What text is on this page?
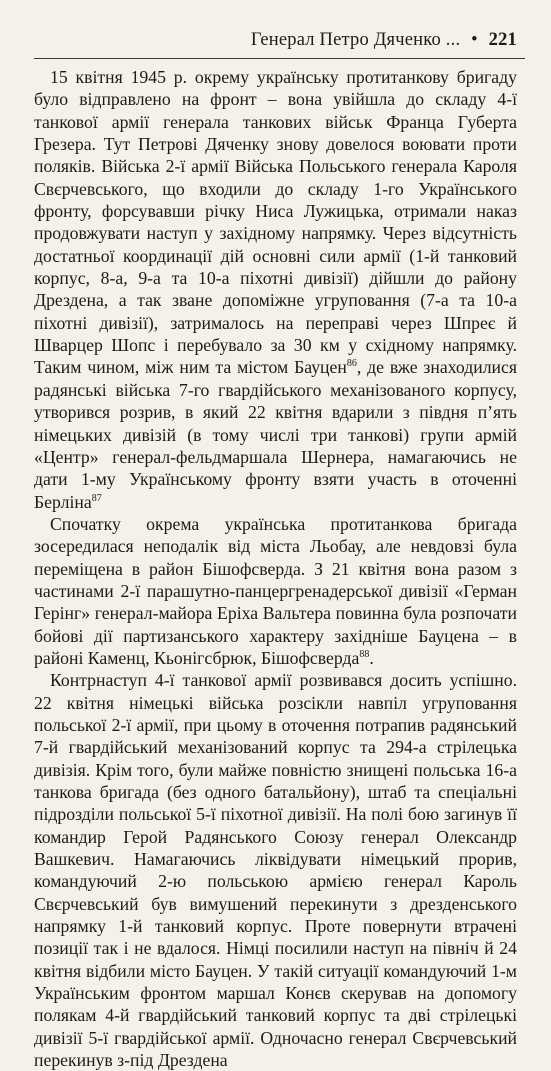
Генерал Петро Дяченко ... • 221

15 квітня 1945 р. окрему українську протитанкову бригаду було відправлено на фронт – вона увійшла до складу 4-ї танкової армії генерала танкових військ Франца Губерта Грезера. Тут Петрові Дяченку знову довелося воювати проти поляків. Війська 2-ї армії Війська Польського генерала Кароля Свєрчевського, що входили до складу 1-го Українського фронту, форсувавши річку Ниса Лужицька, отримали наказ продовжувати наступ у західному напрямку. Через відсутність достатньої координації дій основні сили армії (1-й танковий корпус, 8-а, 9-а та 10-а піхотні дивізії) дійшли до району Дрездена, а так зване допоміжне угруповання (7-а та 10-а піхотні дивізії), затрималось на переправі через Шпреє й Шварцер Шопс і перебувало за 30 км у східному напрямку. Таким чином, між ним та містом Бауцен$^{86}$, де вже знаходилися радянські війська 7-го гвардійського механізованого корпусу, утворився розрив, в який 22 квітня вдарили з півдня п’ять німецьких дивізій (в тому числі три танкові) групи армій «Центр» генерал-фельдмаршала Шернера, намагаючись не дати 1-му Українському фронту взяти участь в оточенні Берліна$^{87}$

Спочатку окрема українська протитанкова бригада зосередилася неподалік від міста Льобау, але невдовзі була переміщена в район Бішофсверда. З 21 квітня вона разом з частинами 2-ї парашутно-панцергренадерської дивізії «Герман Герінг» генерал-майора Еріха Вальтера повинна була розпочати бойові дії партизанського характеру західніше Бауцена – в районі Каменц, Кьонігсбрюк, Бішофсверда$^{88}$.

Контрнаступ 4-ї танкової армії розвивався досить успішно. 22 квітня німецькі війська розсікли навпіл угруповання польської 2-ї армії, при цьому в оточення потрапив радянський 7-й гвардійський механізований корпус та 294-а стрілецька дивізія. Крім того, були майже повністю знищені польська 16-а танкова бригада (без одного батальйону), штаб та спеціальні підрозділи польської 5-ї піхотної дивізії. На полі бою загинув її командир Герой Радянського Союзу генерал Олександр Вашкевич. Намагаючись ліквідувати німецький прорив, командуючий 2-ю польською армією генерал Кароль Свєрчевський був вимушений перекинути з дрезденського напрямку 1-й танковий корпус. Проте повернути втрачені позиції так і не вдалося. Німці посилили наступ на північ й 24 квітня відбили місто Бауцен. У такій ситуації командуючий 1-м Українським фронтом маршал Конєв скерував на допомогу полякам 4-й гвардійський танковий корпус та дві стрілецькі дивізії 5-ї гвардійської армії. Одночасно генерал Свєрчевський перекинув з-під Дрездена
